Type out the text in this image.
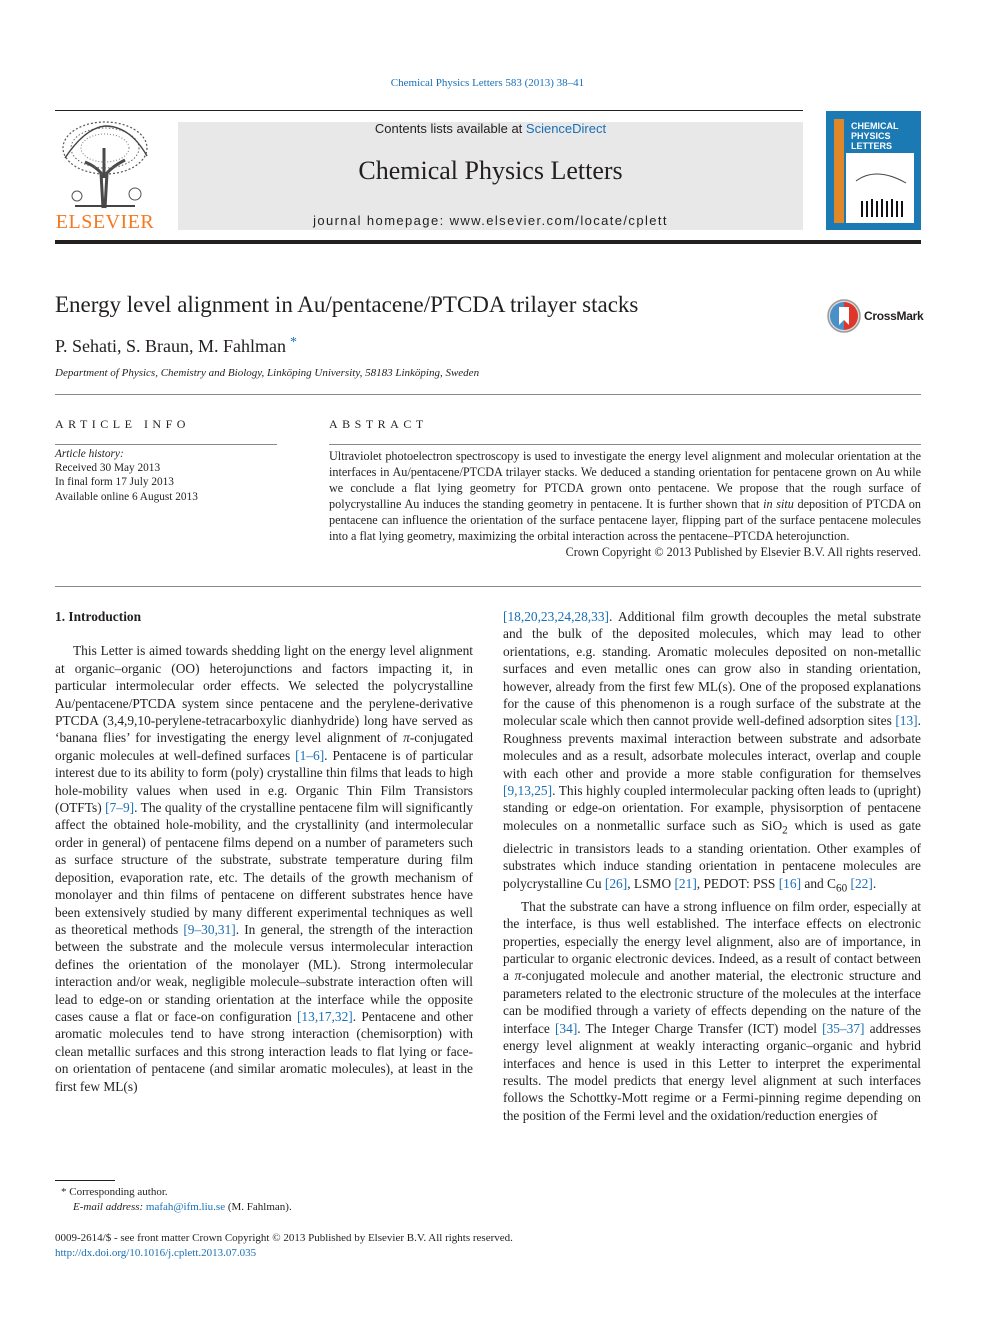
Chemical Physics Letters 583 (2013) 38–41
ELSEVIER
Contents lists available at ScienceDirect
Chemical Physics Letters
journal homepage: www.elsevier.com/locate/cplett
CHEMICAL
PHYSICS
LETTERS
Energy level alignment in Au/pentacene/PTCDA trilayer stacks	CrossMark
P. Sehati, S. Braun, M. Fahlman *
Department of Physics, Chemistry and Biology, Linköping University, 58183 Linköping, Sweden
ARTICLE INFO
Article history:
Received 30 May 2013
In final form 17 July 2013
Available online 6 August 2013
ABSTRACT
Ultraviolet photoelectron spectroscopy is used to investigate the energy level alignment and molecular orientation at the interfaces in Au/pentacene/PTCDA trilayer stacks. We deduced a standing orientation for pentacene grown on Au while we conclude a flat lying geometry for PTCDA grown onto pentacene. We propose that the rough surface of polycrystalline Au induces the standing geometry in pentacene. It is further shown that in situ deposition of PTCDA on pentacene can influence the orientation of the surface pentacene layer, flipping part of the surface pentacene molecules into a flat lying geometry, maximizing the orbital interaction across the pentacene–PTCDA heterojunction.
Crown Copyright © 2013 Published by Elsevier B.V. All rights reserved.
1. Introduction

This Letter is aimed towards shedding light on the energy level alignment at organic–organic (OO) heterojunctions and factors impacting it, in particular intermolecular order effects. We selected the polycrystalline Au/pentacene/PTCDA system since pentacene and the perylene-derivative PTCDA (3,4,9,10-perylene-tetracarboxylic dianhydride) long have served as ‘banana flies’ for investigating the energy level alignment of π-conjugated organic molecules at well-defined surfaces [1–6]. Pentacene is of particular interest due to its ability to form (poly) crystalline thin films that leads to high hole-mobility values when used in e.g. Organic Thin Film Transistors (OTFTs) [7–9]. The quality of the crystalline pentacene film will significantly affect the obtained hole-mobility, and the crystallinity (and intermolecular order in general) of pentacene films depend on a number of parameters such as surface structure of the substrate, substrate temperature during film deposition, evaporation rate, etc. The details of the growth mechanism of monolayer and thin films of pentacene on different substrates hence have been extensively studied by many different experimental techniques as well as theoretical methods [9–30,31]. In general, the strength of the interaction between the substrate and the molecule versus intermolecular interaction defines the orientation of the monolayer (ML). Strong intermolecular interaction and/or weak, negligible molecule–substrate interaction often will lead to edge-on or standing orientation at the interface while the opposite cases cause a flat or face-on configuration [13,17,32]. Pentacene and other aromatic molecules tend to have strong interaction (chemisorption) with clean metallic surfaces and this strong interaction leads to flat lying or face-on orientation of pentacene (and similar aromatic molecules), at least in the first few ML(s)

[18,20,23,24,28,33]. Additional film growth decouples the metal substrate and the bulk of the deposited molecules, which may lead to other orientations, e.g. standing. Aromatic molecules deposited on non-metallic surfaces and even metallic ones can grow also in standing orientation, however, already from the first few ML(s). One of the proposed explanations for the cause of this phenomenon is a rough surface of the substrate at the molecular scale which then cannot provide well-defined adsorption sites [13]. Roughness prevents maximal interaction between substrate and adsorbate molecules and as a result, adsorbate molecules interact, overlap and couple with each other and provide a more stable configuration for themselves [9,13,25]. This highly coupled intermolecular packing often leads to (upright) standing or edge-on orientation. For example, physisorption of pentacene molecules on a nonmetallic surface such as SiO$_2$ which is used as gate dielectric in transistors leads to a standing orientation. Other examples of substrates which induce standing orientation in pentacene molecules are polycrystalline Cu [26], LSMO [21], PEDOT: PSS [16] and $C_{60}$ [22].

That the substrate can have a strong influence on film order, especially at the interface, is thus well established. The interface effects on electronic properties, especially the energy level alignment, also are of importance, in particular to organic electronic devices. Indeed, as a result of contact between a π-conjugated molecule and another material, the electronic structure and parameters related to the electronic structure of the molecules at the interface can be modified through a variety of effects depending on the nature of the interface [34]. The Integer Charge Transfer (ICT) model [35–37] addresses energy level alignment at weakly interacting organic–organic and hybrid interfaces and hence is used in this Letter to interpret the experimental results. The model predicts that energy level alignment at such interfaces follows the Schottky-Mott regime or a Fermi-pinning regime depending on the position of the Fermi level and the oxidation/reduction energies of

* Corresponding author.
E-mail address: mafah@ifm.liu.se (M. Fahlman).
0009-2614/$ - see front matter Crown Copyright © 2013 Published by Elsevier B.V. All rights reserved.
http://dx.doi.org/10.1016/j.cplett.2013.07.035
